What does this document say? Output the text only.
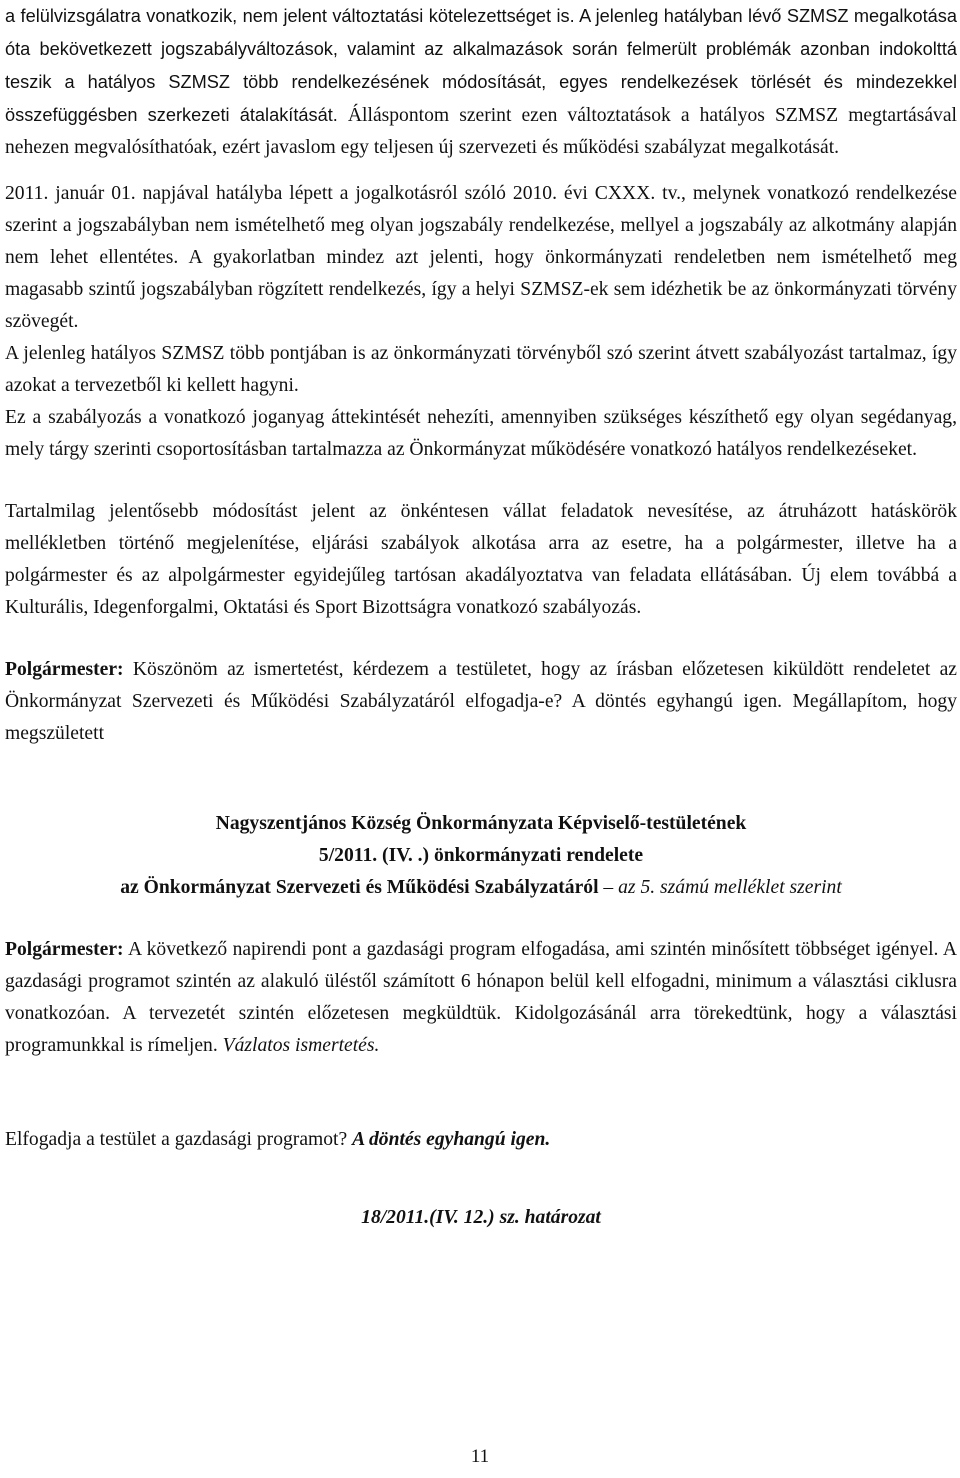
a felülvizsgálatra vonatkozik, nem jelent változtatási kötelezettséget is. A jelenleg hatályban lévő SZMSZ megalkotása óta bekövetkezett jogszabályváltozások, valamint az alkalmazások során felmerült problémák azonban indokolttá teszik a hatályos SZMSZ több rendelkezésének módosítását, egyes rendelkezések törlését és mindezekkel összefüggésben szerkezeti átalakítását. Álláspontom szerint ezen változtatások a hatályos SZMSZ megtartásával nehezen megvalósíthatóak, ezért javaslom egy teljesen új szervezeti és működési szabályzat megalkotását.

2011. január 01. napjával hatályba lépett a jogalkotásról szóló 2010. évi CXXX. tv., melynek vonatkozó rendelkezése szerint a jogszabályban nem ismételhető meg olyan jogszabály rendelkezése, mellyel a jogszabály az alkotmány alapján nem lehet ellentétes. A gyakorlatban mindez azt jelenti, hogy önkormányzati rendeletben nem ismételhető meg magasabb szintű jogszabályban rögzített rendelkezés, így a helyi SZMSZ-ek sem idézhetik be az önkormányzati törvény szövegét.

A jelenleg hatályos SZMSZ több pontjában is az önkormányzati törvényből szó szerint átvett szabályozást tartalmaz, így azokat a tervezetből ki kellett hagyni.

Ez a szabályozás a vonatkozó joganyag áttekintését nehezíti, amennyiben szükséges készíthető egy olyan segédanyag, mely tárgy szerinti csoportosításban tartalmazza az Önkormányzat működésére vonatkozó hatályos rendelkezéseket.

Tartalmilag jelentősebb módosítást jelent az önkéntesen vállat feladatok nevesítése, az átruházott hatáskörök mellékletben történő megjelenítése, eljárási szabályok alkotása arra az esetre, ha a polgármester, illetve ha a polgármester és az alpolgármester egyidejűleg tartósan akadályoztatva van feladata ellátásában. Új elem továbbá a Kulturális, Idegenforgalmi, Oktatási és Sport Bizottságra vonatkozó szabályozás.

Polgármester: Köszönöm az ismertetést, kérdezem a testületet, hogy az írásban előzetesen kiküldött rendeletet az Önkormányzat Szervezeti és Működési Szabályzatáról elfogadja-e? A döntés egyhangú igen. Megállapítom, hogy megszületett

Nagyszentjános Község Önkormányzata Képviselő-testületének

5/2011. (IV. .) önkormányzati rendelete

az Önkormányzat Szervezeti és Működési Szabályzatáról – az 5. számú melléklet szerint

Polgármester: A következő napirendi pont a gazdasági program elfogadása, ami szintén minősített többséget igényel. A gazdasági programot szintén az alakuló üléstől számított 6 hónapon belül kell elfogadni, minimum a választási ciklusra vonatkozóan. A tervezetét szintén előzetesen megküldtük. Kidolgozásánál arra törekedtünk, hogy a választási programunkkal is rímeljen. Vázlatos ismertetés.

Elfogadja a testület a gazdasági programot? A döntés egyhangú igen.

18/2011.(IV. 12.) sz. határozat

11
